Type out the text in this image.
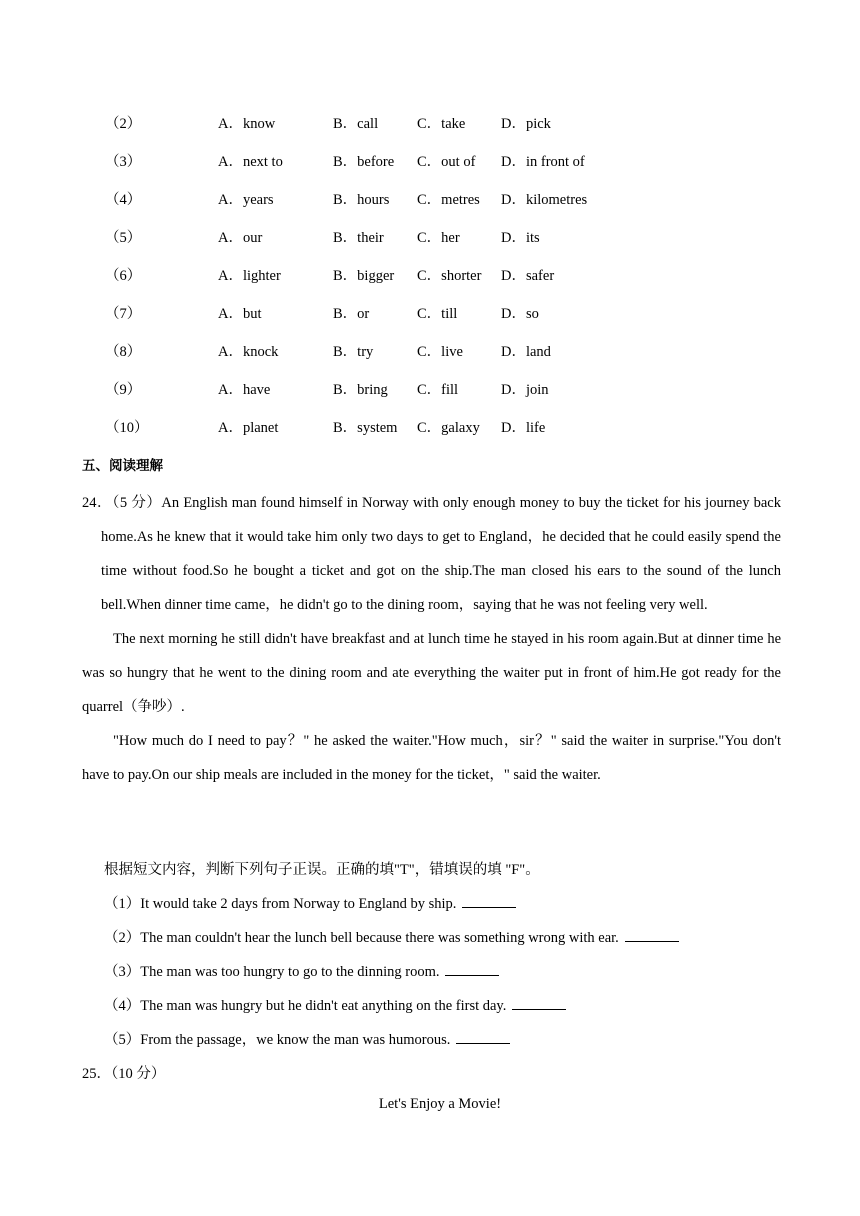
（2）	A．know	B．call	C．take D．pick
（3）	A．next to	B．before C．out of D．in front of
（4）	A．years	B．hours C．metres D．kilometres
（5）	A．our	B．their C．her	D．its
（6）	A．lighter	B．bigger C．shorter D．safer
（7）	A．but	B．or	C．till	D．so
（8）	A．knock	B．try	C．live	D．land
（9）	A．have	B．bring C．fill	D．join
（10）	A．planet	B．system C．galaxy D．life
五、阅读理解

24．（5 分）An English man found himself in Norway with only enough money to buy the ticket for his journey back home.As he knew that it would take him only two days to get to England，he decided that he could easily spend the time without food.So he bought a ticket and got on the ship.The man closed his ears to the sound of the lunch bell.When dinner time came，he didn't go to the dining room，saying that he was not feeling very well.

The next morning he still didn't have breakfast and at lunch time he stayed in his room again.But at dinner time he was so hungry that he went to the dining room and ate everything the waiter put in front of him.He got ready for the quarrel（争吵）.

"How much do I need to pay？" he asked the waiter."How much，sir？" said the waiter in surprise."You don't have to pay.On our ship meals are included in the money for the ticket，" said the waiter.

根据短文内容，判断下列句子正误。正确的填"T"，错填误的填 "F"。
（1）It would take 2 days from Norway to England by ship.
（2）The man couldn't hear the lunch bell because there was something wrong with ear.
（3）The man was too hungry to go to the dinning room.
（4）The man was hungry but he didn't eat anything on the first day.
（5）From the passage，we know the man was humorous.
25．（10 分）
Let's Enjoy a Movie!
